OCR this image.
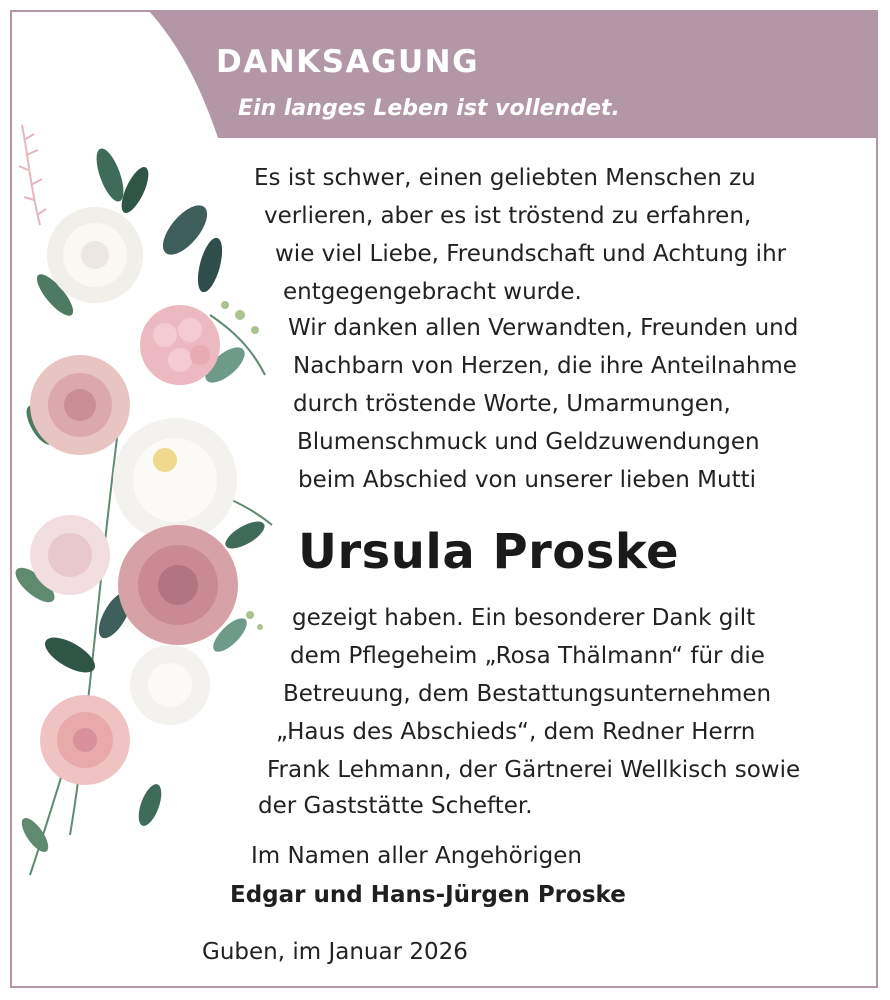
DANKSAGUNG
Ein langes Leben ist vollendet.
Es ist schwer, einen geliebten Menschen zu
verlieren, aber es ist tröstend zu erfahren,
wie viel Liebe, Freundschaft und Achtung ihr
entgegengebracht wurde.
Wir danken allen Verwandten, Freunden und
Nachbarn von Herzen, die ihre Anteilnahme
durch tröstende Worte, Umarmungen,
Blumenschmuck und Geldzuwendungen
beim Abschied von unserer lieben Mutti
Ursula Proske
gezeigt haben. Ein besonderer Dank gilt
dem Pflegeheim „Rosa Thälmann“ für die
Betreuung, dem Bestattungsunternehmen
„Haus des Abschieds“, dem Redner Herrn
Frank Lehmann, der Gärtnerei Wellkisch sowie
der Gaststätte Schefter.
Im Namen aller Angehörigen
Edgar und Hans-Jürgen Proske
Guben, im Januar 2026
